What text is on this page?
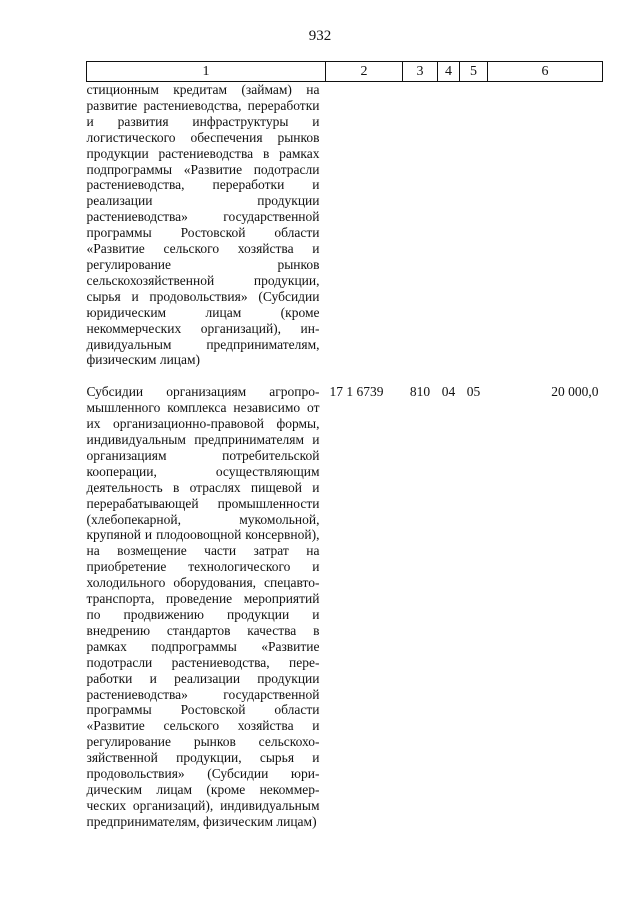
932
1	2	3	4	5	6
стиционным кредитам (займам) на развитие растениеводства, переработки и развития инфраструктуры и логистического обеспечения рынков продукции растениеводства в рамках подпрограммы «Развитие подотрасли растениеводства, переработки и реализации продукции растениеводства» государственной программы Ростовской области «Развитие сельского хозяйства и регулирование рынков сельскохозяйственной продукции, сырья и продовольствия» (Субсидии юридическим лицам (кроме некоммерческих организаций), индивидуальным предпринимателям, физическим лицам)					

Субсидии организациям агропромышленного комплекса независимо от их организационно-правовой формы, индивидуальным предпринимателям и организациям потребительской кооперации, осуществляющим деятельность в отраслях пищевой и перерабатывающей промышленности (хлебопекарной, мукомольной, крупяной и плодоовощной консервной), на возмещение части затрат на приобретение технологического и холодильного оборудования, спецавтотранспорта, проведение мероприятий по продвижению продукции и внедрению стандартов качества в рамках подпрограммы «Развитие подотрасли растениеводства, переработки и реализации продукции растениеводства» государственной программы Ростовской области «Развитие сельского хозяйства и регулирование рынков сельскохозяйственной продукции, сырья и продовольствия» (Субсидии юридическим лицам (кроме некоммерческих организаций), индивидуальным предпринимателям, физическим лицам)	17 1 6739	810	04	05	20 000,0
